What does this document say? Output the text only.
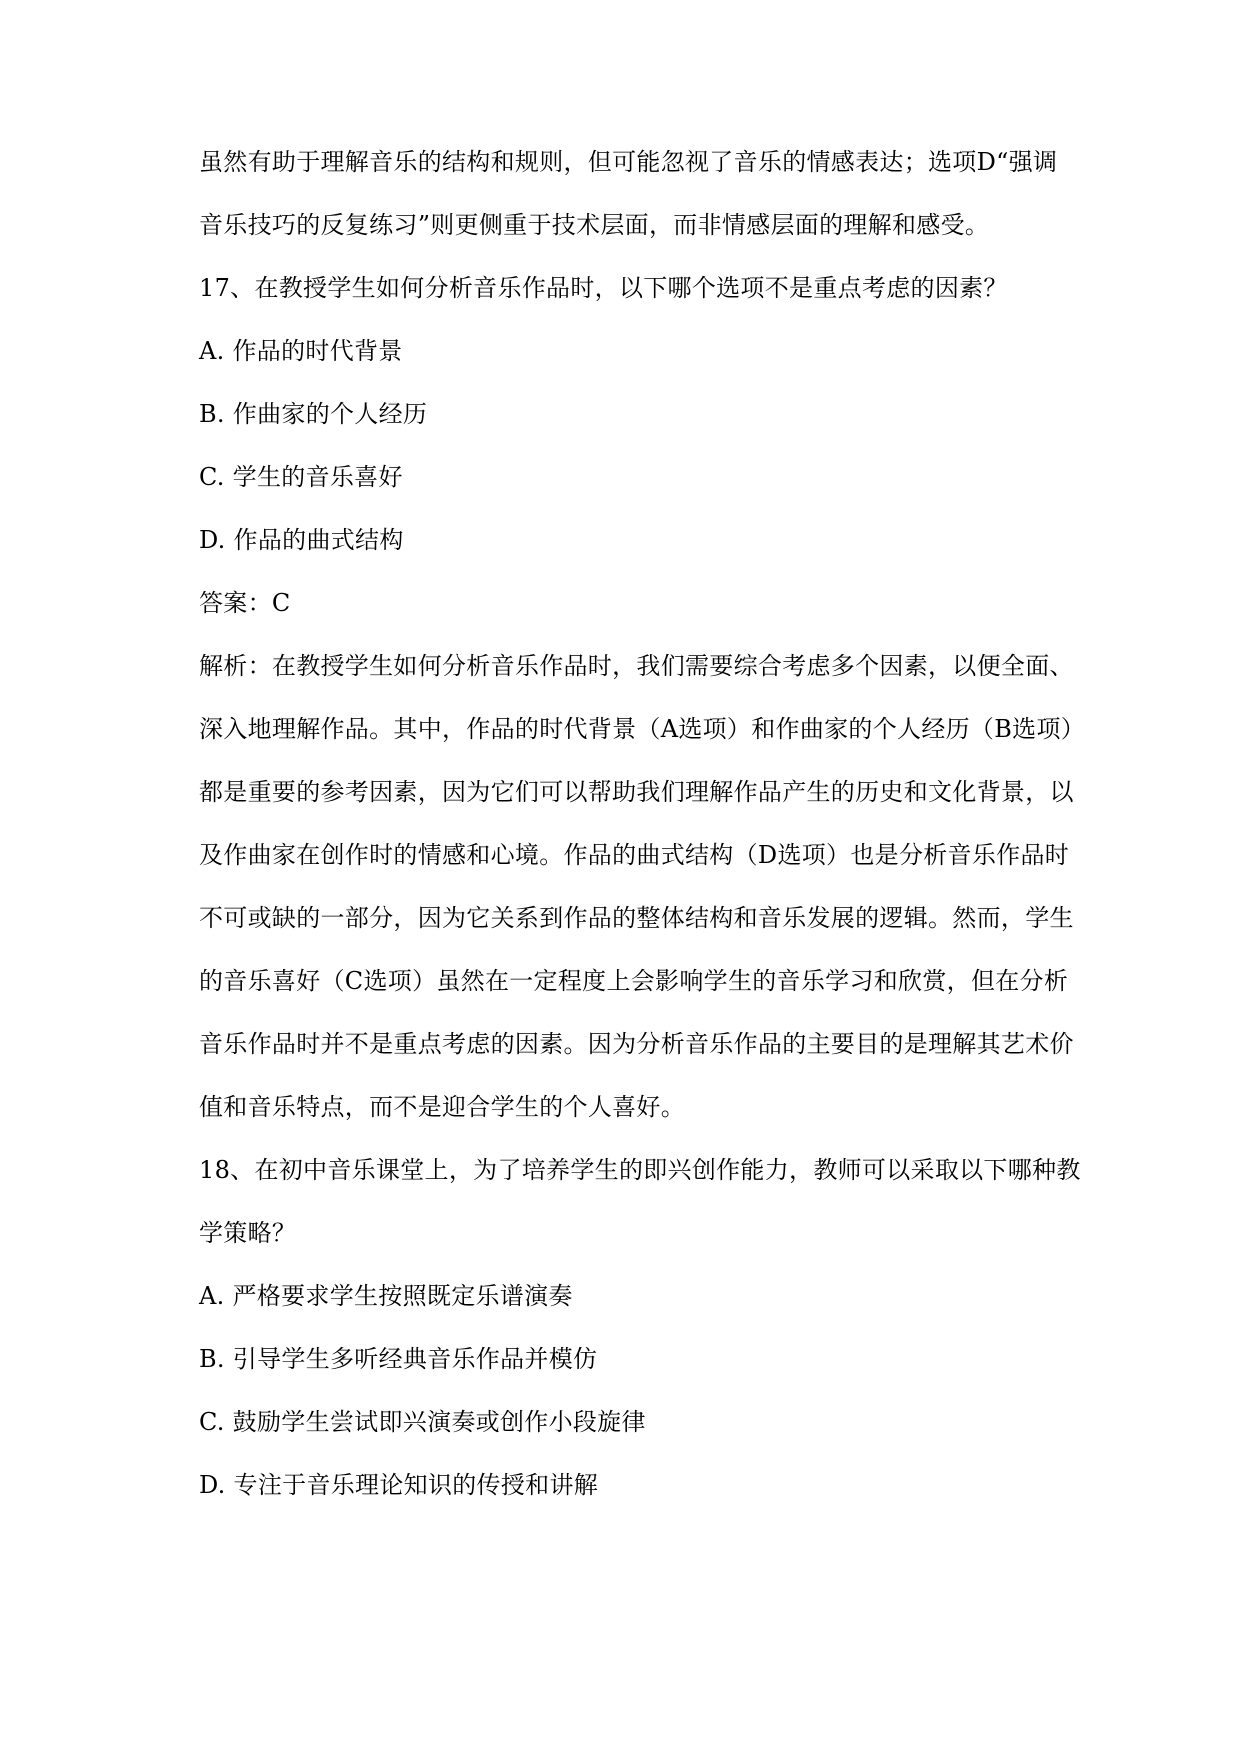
虽然有助于理解音乐的结构和规则，但可能忽视了音乐的情感表达；选项D“强调
音乐技巧的反复练习”则更侧重于技术层面，而非情感层面的理解和感受。
17、在教授学生如何分析音乐作品时，以下哪个选项不是重点考虑的因素？
A. 作品的时代背景
B. 作曲家的个人经历
C. 学生的音乐喜好
D. 作品的曲式结构
答案：C
解析：在教授学生如何分析音乐作品时，我们需要综合考虑多个因素，以便全面、
深入地理解作品。其中，作品的时代背景（A选项）和作曲家的个人经历（B选项）
都是重要的参考因素，因为它们可以帮助我们理解作品产生的历史和文化背景，以
及作曲家在创作时的情感和心境。作品的曲式结构（D选项）也是分析音乐作品时
不可或缺的一部分，因为它关系到作品的整体结构和音乐发展的逻辑。然而，学生
的音乐喜好（C选项）虽然在一定程度上会影响学生的音乐学习和欣赏，但在分析
音乐作品时并不是重点考虑的因素。因为分析音乐作品的主要目的是理解其艺术价
值和音乐特点，而不是迎合学生的个人喜好。
18、在初中音乐课堂上，为了培养学生的即兴创作能力，教师可以采取以下哪种教
学策略？
A. 严格要求学生按照既定乐谱演奏
B. 引导学生多听经典音乐作品并模仿
C. 鼓励学生尝试即兴演奏或创作小段旋律
D. 专注于音乐理论知识的传授和讲解
